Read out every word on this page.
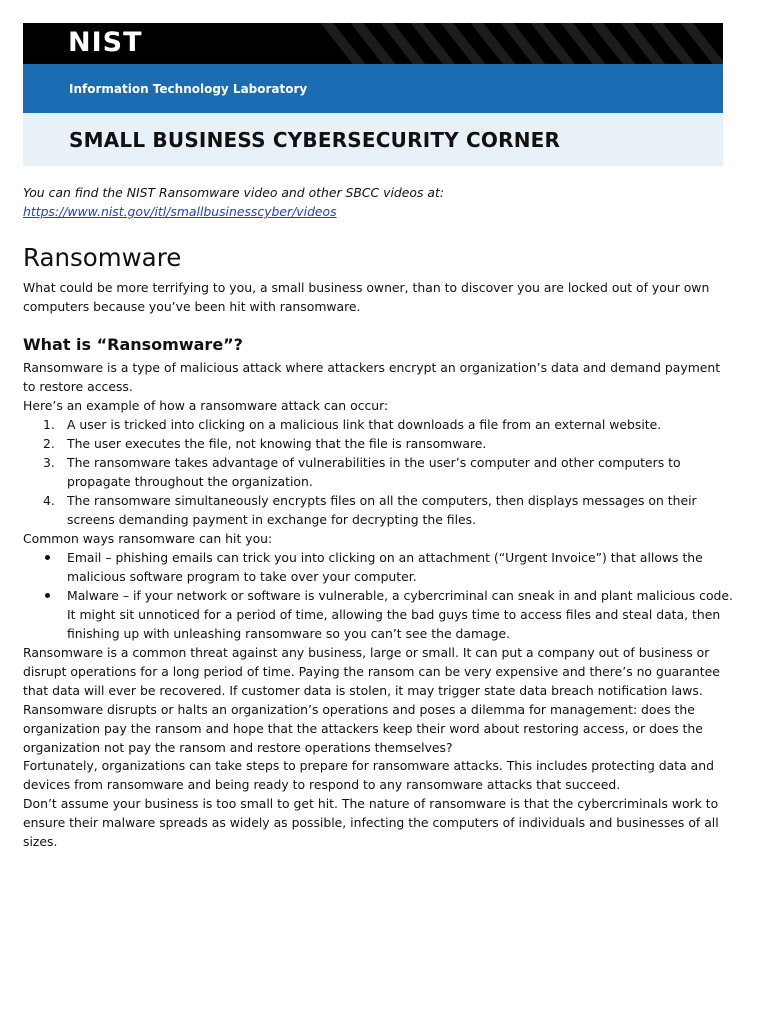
NIST
Information Technology Laboratory
SMALL BUSINESS CYBERSECURITY CORNER
You can find the NIST Ransomware video and other SBCC videos at:
https://www.nist.gov/itl/smallbusinesscyber/videos
Ransomware
What could be more terrifying to you, a small business owner, than to discover you are locked out of your own computers because you’ve been hit with ransomware.
What is “Ransomware”?
Ransomware is a type of malicious attack where attackers encrypt an organization’s data and demand payment to restore access.
Here’s an example of how a ransomware attack can occur:
1. A user is tricked into clicking on a malicious link that downloads a file from an external website.
2. The user executes the file, not knowing that the file is ransomware.
3. The ransomware takes advantage of vulnerabilities in the user’s computer and other computers to propagate throughout the organization.
4. The ransomware simultaneously encrypts files on all the computers, then displays messages on their screens demanding payment in exchange for decrypting the files.
Common ways ransomware can hit you:
Email – phishing emails can trick you into clicking on an attachment (“Urgent Invoice”) that allows the malicious software program to take over your computer.
Malware – if your network or software is vulnerable, a cybercriminal can sneak in and plant malicious code. It might sit unnoticed for a period of time, allowing the bad guys time to access files and steal data, then finishing up with unleashing ransomware so you can’t see the damage.
Ransomware is a common threat against any business, large or small. It can put a company out of business or disrupt operations for a long period of time. Paying the ransom can be very expensive and there’s no guarantee that data will ever be recovered. If customer data is stolen, it may trigger state data breach notification laws.
Ransomware disrupts or halts an organization’s operations and poses a dilemma for management: does the organization pay the ransom and hope that the attackers keep their word about restoring access, or does the organization not pay the ransom and restore operations themselves?
Fortunately, organizations can take steps to prepare for ransomware attacks. This includes protecting data and devices from ransomware and being ready to respond to any ransomware attacks that succeed.
Don’t assume your business is too small to get hit. The nature of ransomware is that the cybercriminals work to ensure their malware spreads as widely as possible, infecting the computers of individuals and businesses of all sizes.
